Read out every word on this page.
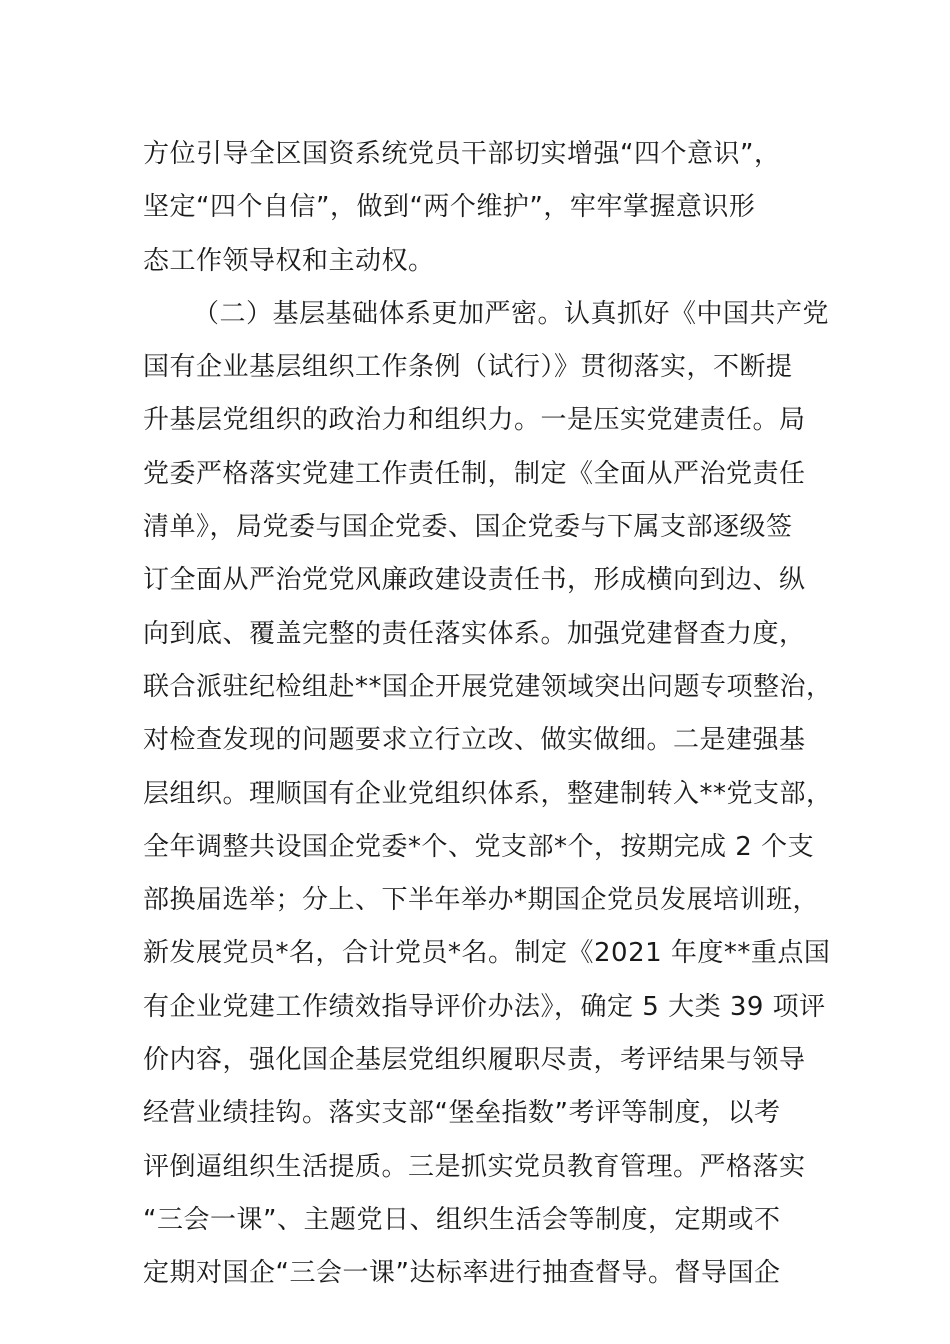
方位引导全区国资系统党员干部切实增强“四个意识”，
坚定“四个自信”，做到“两个维护”，牢牢掌握意识形
态工作领导权和主动权。
（二）基层基础体系更加严密。认真抓好《中国共产党
国有企业基层组织工作条例（试行）》贯彻落实，不断提
升基层党组织的政治力和组织力。一是压实党建责任。局
党委严格落实党建工作责任制，制定《全面从严治党责任
清单》，局党委与国企党委、国企党委与下属支部逐级签
订全面从严治党党风廉政建设责任书，形成横向到边、纵
向到底、覆盖完整的责任落实体系。加强党建督查力度，
联合派驻纪检组赴**国企开展党建领域突出问题专项整治，
对检查发现的问题要求立行立改、做实做细。二是建强基
层组织。理顺国有企业党组织体系，整建制转入**党支部，
全年调整共设国企党委*个、党支部*个，按期完成 2 个支
部换届选举；分上、下半年举办*期国企党员发展培训班，
新发展党员*名，合计党员*名。制定《2021 年度**重点国
有企业党建工作绩效指导评价办法》，确定 5 大类 39 项评
价内容，强化国企基层党组织履职尽责，考评结果与领导
经营业绩挂钩。落实支部“堡垒指数”考评等制度，以考
评倒逼组织生活提质。三是抓实党员教育管理。严格落实
“三会一课”、主题党日、组织生活会等制度，定期或不
定期对国企“三会一课”达标率进行抽查督导。督导国企
